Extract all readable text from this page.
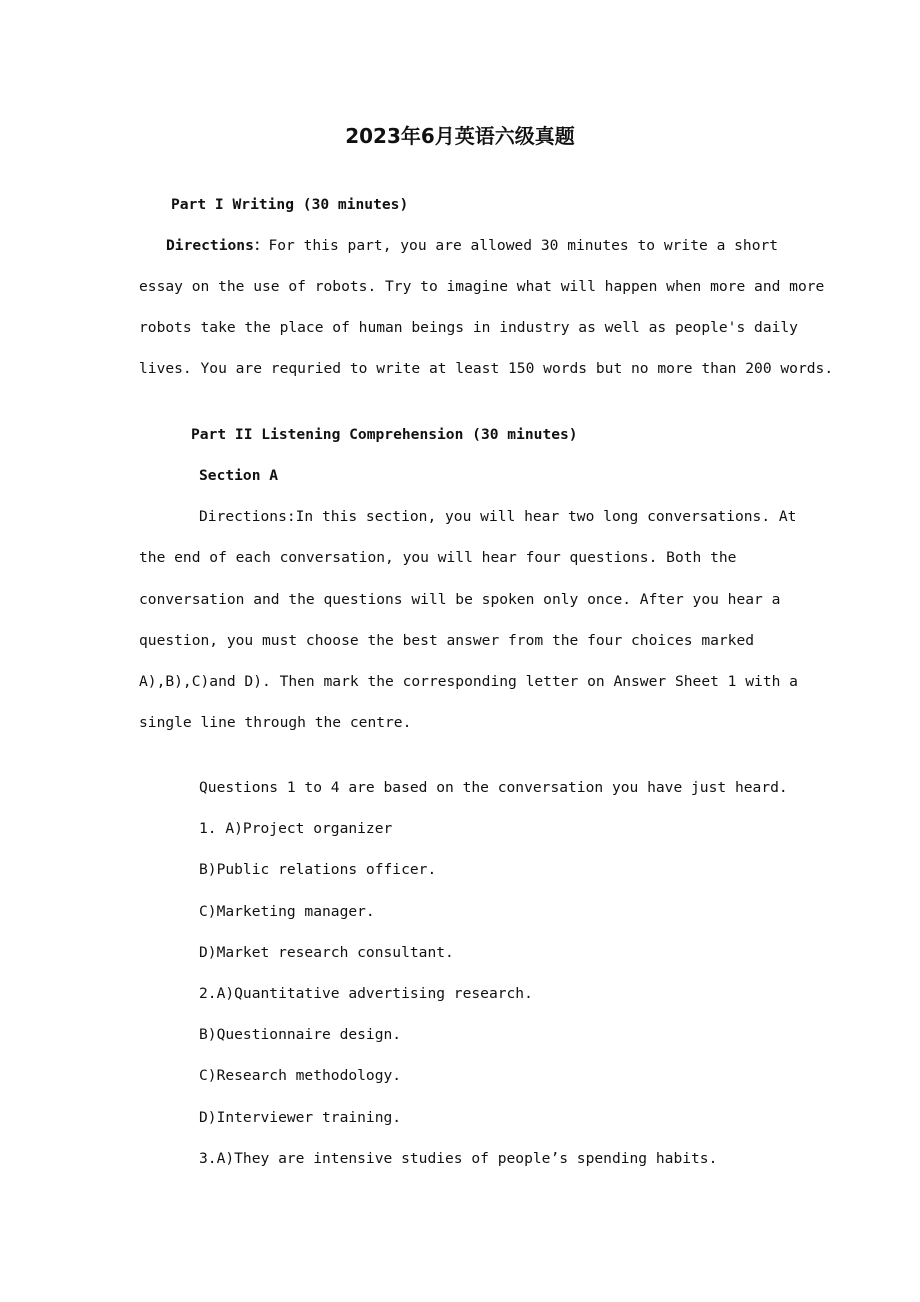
2023年6月英语六级真题
Part I Writing (30 minutes)
Directions：For this part, you are allowed 30 minutes to write a short
essay on the use of robots. Try to imagine what will happen when more and more
robots take the place of human beings in industry as well as people's daily
lives. You are requried to write at least 150 words but no more than 200 words.
Part II Listening Comprehension (30 minutes)
Section A
Directions:In this section, you will hear two long conversations. At
the end of each conversation, you will hear four questions. Both the
conversation and the questions will be spoken only once. After you hear a
question, you must choose the best answer from the four choices marked
A),B),C)and D). Then mark the corresponding letter on Answer Sheet 1 with a
single line through the centre.
Questions 1 to 4 are based on the conversation you have just heard.
1. A)Project organizer
B)Public relations officer.
C)Marketing manager.
D)Market research consultant.
2.A)Quantitative advertising research.
B)Questionnaire design.
C)Research methodology.
D)Interviewer training.
3.A)They are intensive studies of people’s spending habits.
